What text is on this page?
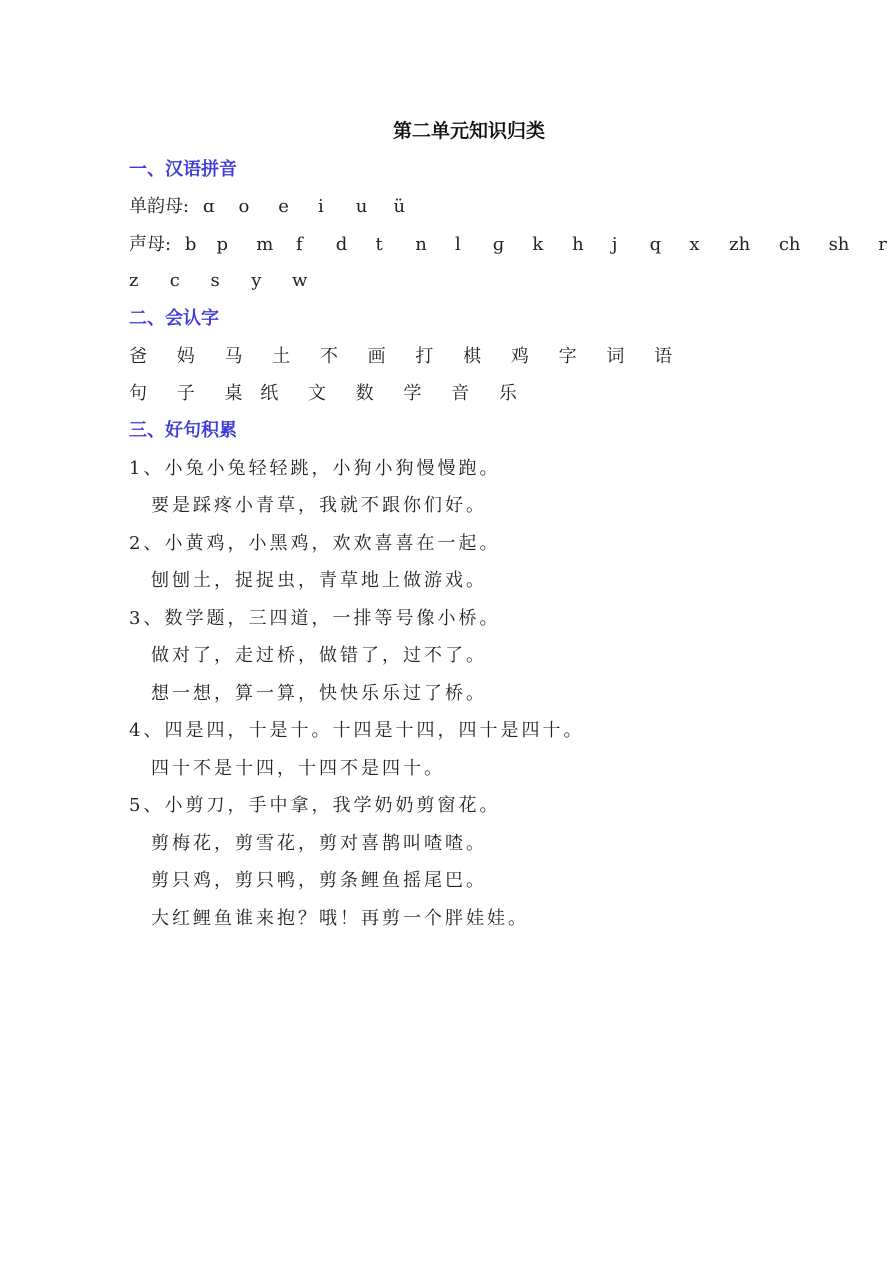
第二单元知识归类
一、汉语拼音
单韵母: ɑ o e i u ü
声母: b p m f d t n l ɡ k h j q x zh ch sh r
z c s y w
二、会认字
爸 妈 马 土 不 画 打 棋 鸡 字 词 语
句 子 桌 纸 文 数 学 音 乐
三、好句积累
1、小兔小兔轻轻跳，小狗小狗慢慢跑。
要是踩疼小青草，我就不跟你们好。
2、小黄鸡，小黑鸡，欢欢喜喜在一起。
刨刨土，捉捉虫，青草地上做游戏。
3、数学题，三四道，一排等号像小桥。
做对了，走过桥，做错了，过不了。
想一想，算一算，快快乐乐过了桥。
4、四是四，十是十。十四是十四，四十是四十。
四十不是十四，十四不是四十。
5、小剪刀，手中拿，我学奶奶剪窗花。
剪梅花，剪雪花，剪对喜鹊叫喳喳。
剪只鸡，剪只鸭，剪条鲤鱼摇尾巴。
大红鲤鱼谁来抱？哦！再剪一个胖娃娃。
